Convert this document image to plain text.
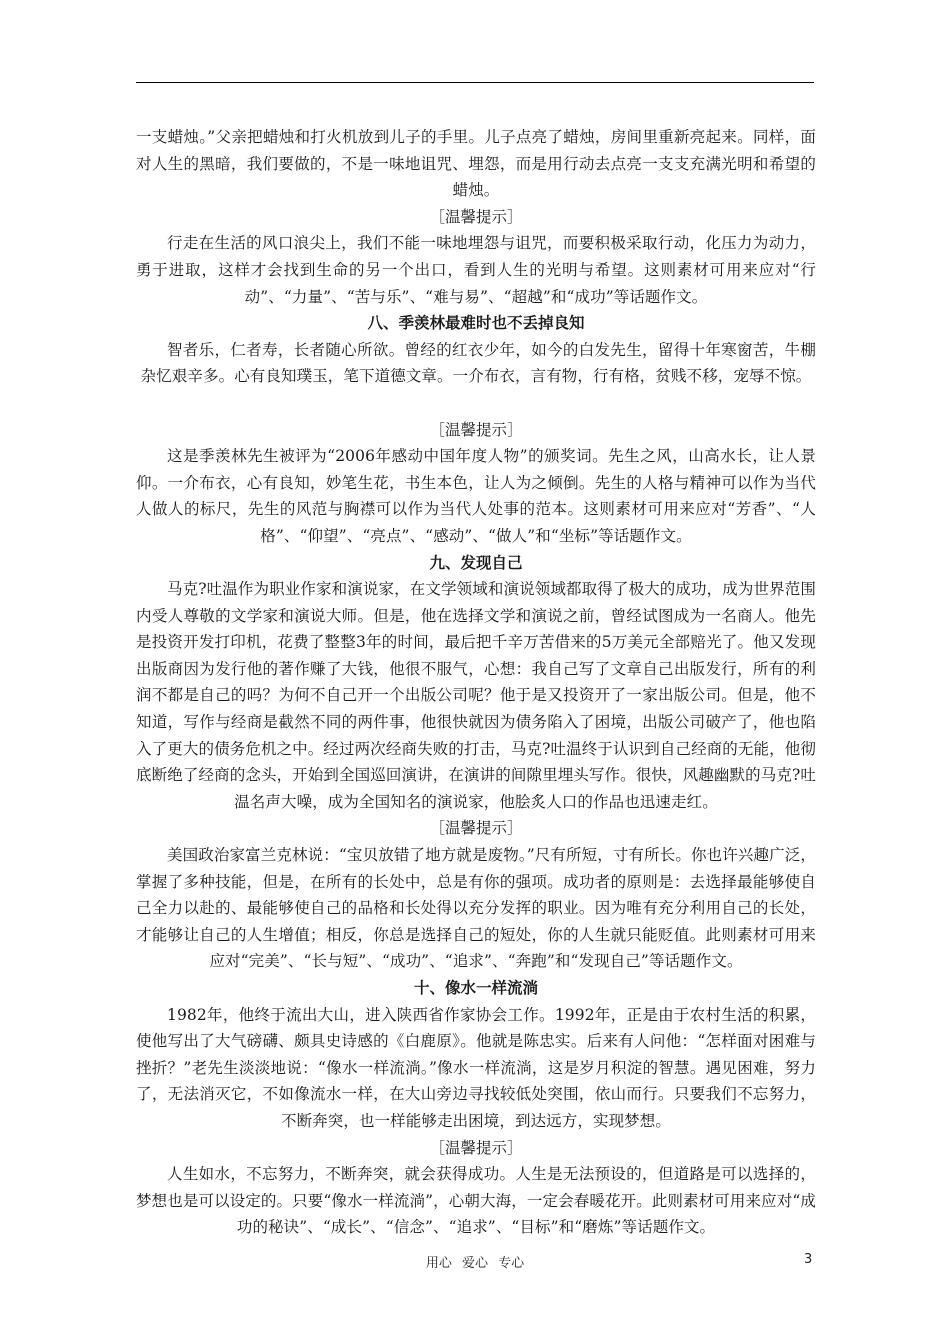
一支蜡烛。”父亲把蜡烛和打火机放到儿子的手里。儿子点亮了蜡烛，房间里重新亮起来。同样，面对人生的黑暗，我们要做的，不是一味地诅咒、埋怨，而是用行动去点亮一支支充满光明和希望的蜡烛。

［温馨提示］

行走在生活的风口浪尖上，我们不能一味地埋怨与诅咒，而要积极采取行动，化压力为动力，勇于进取，这样才会找到生命的另一个出口，看到人生的光明与希望。这则素材可用来应对“行动”、“力量”、“苦与乐”、“难与易”、“超越”和“成功”等话题作文。

八、季羡林最难时也不丢掉良知

智者乐，仁者寿，长者随心所欲。曾经的红衣少年，如今的白发先生，留得十年寒窗苦，牛棚杂忆艰辛多。心有良知璞玉，笔下道德文章。一介布衣，言有物，行有格，贫贱不移，宠辱不惊。

［温馨提示］

这是季羡林先生被评为“2006年感动中国年度人物”的颁奖词。先生之风，山高水长，让人景仰。一介布衣，心有良知，妙笔生花，书生本色，让人为之倾倒。先生的人格与精神可以作为当代人做人的标尺，先生的风范与胸襟可以作为当代人处事的范本。这则素材可用来应对“芳香”、“人格”、“仰望”、“亮点”、“感动”、“做人”和“坐标”等话题作文。

九、发现自己

马克?吐温作为职业作家和演说家，在文学领域和演说领域都取得了极大的成功，成为世界范围内受人尊敬的文学家和演说大师。但是，他在选择文学和演说之前，曾经试图成为一名商人。他先是投资开发打印机，花费了整整3年的时间，最后把千辛万苦借来的5万美元全部赔光了。他又发现出版商因为发行他的著作赚了大钱，他很不服气，心想：我自己写了文章自己出版发行，所有的利润不都是自己的吗？为何不自己开一个出版公司呢？他于是又投资开了一家出版公司。但是，他不知道，写作与经商是截然不同的两件事，他很快就因为债务陷入了困境，出版公司破产了，他也陷入了更大的债务危机之中。经过两次经商失败的打击，马克?吐温终于认识到自己经商的无能，他彻底断绝了经商的念头，开始到全国巡回演讲，在演讲的间隙里埋头写作。很快，风趣幽默的马克?吐温名声大噪，成为全国知名的演说家，他脍炙人口的作品也迅速走红。

［温馨提示］

美国政治家富兰克林说：“宝贝放错了地方就是废物。”尺有所短，寸有所长。你也许兴趣广泛，掌握了多种技能，但是，在所有的长处中，总是有你的强项。成功者的原则是：去选择最能够使自己全力以赴的、最能够使自己的品格和长处得以充分发挥的职业。因为唯有充分利用自己的长处，才能够让自己的人生增值；相反，你总是选择自己的短处，你的人生就只能贬值。此则素材可用来应对“完美”、“长与短”、“成功”、“追求”、“奔跑”和“发现自己”等话题作文。

十、像水一样流淌

1982年，他终于流出大山，进入陕西省作家协会工作。1992年，正是由于农村生活的积累，使他写出了大气磅礴、颇具史诗感的《白鹿原》。他就是陈忠实。后来有人问他：“怎样面对困难与挫折？”老先生淡淡地说：“像水一样流淌。”像水一样流淌，这是岁月积淀的智慧。遇见困难，努力了，无法消灭它，不如像流水一样，在大山旁边寻找较低处突围，依山而行。只要我们不忘努力，不断奔突，也一样能够走出困境，到达远方，实现梦想。

［温馨提示］

人生如水，不忘努力，不断奔突，就会获得成功。人生是无法预设的，但道路是可以选择的，梦想也是可以设定的。只要“像水一样流淌”，心朝大海，一定会春暖花开。此则素材可用来应对“成功的秘诀”、“成长”、“信念”、“追求”、“目标”和“磨炼”等话题作文。

用心 爱心 专心	3
